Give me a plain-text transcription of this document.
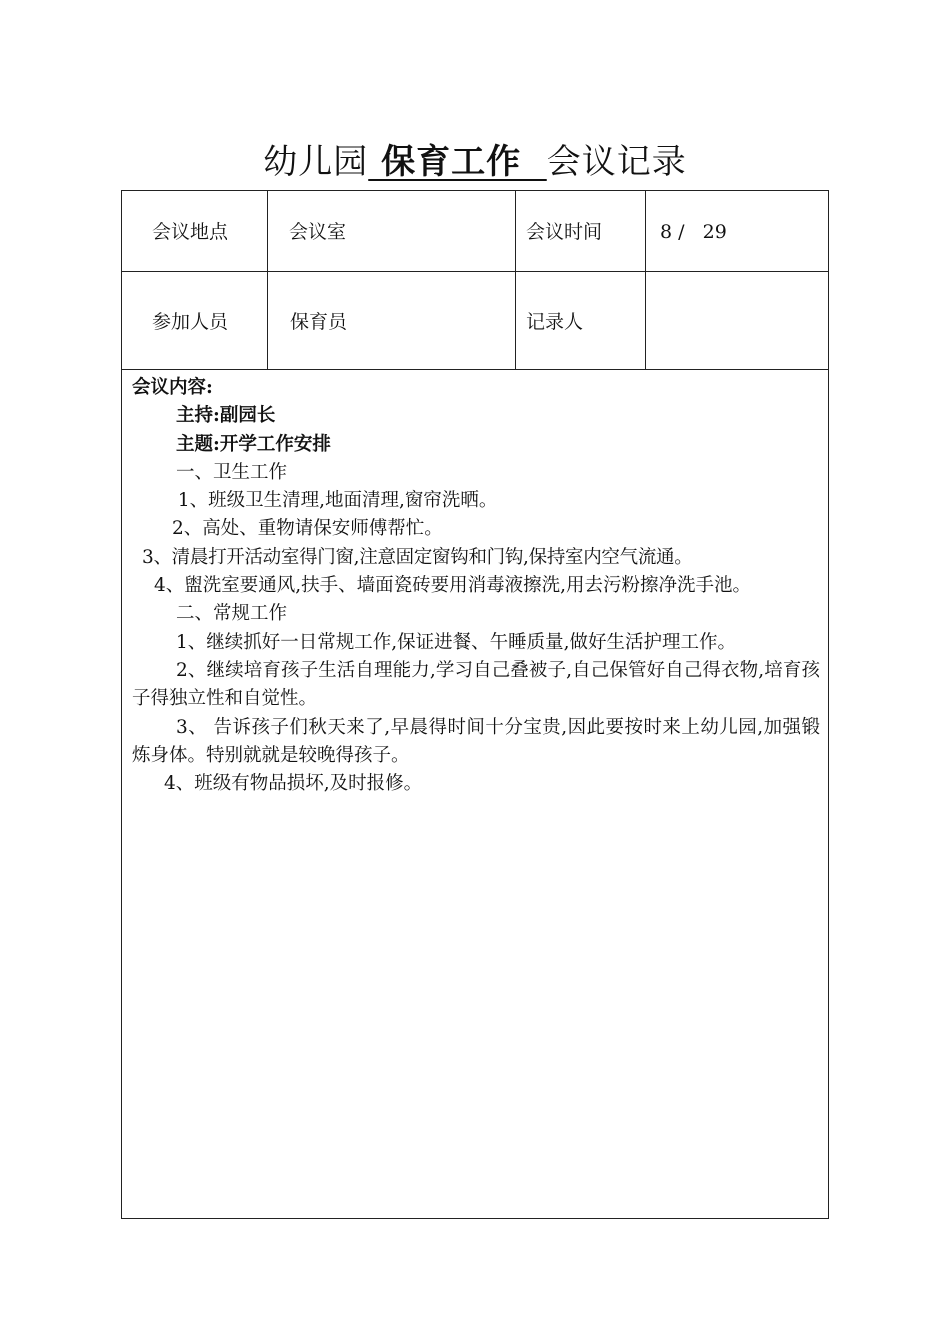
幼儿园 保育工作  会议记录
会议地点	会议室	会议时间	8 /   29
参加人员	保育员	记录人

会议内容:

主持:副园长

主题:开学工作安排

一、卫生工作

1、班级卫生清理,地面清理,窗帘洗晒。

2、高处、重物请保安师傅帮忙。

3、清晨打开活动室得门窗,注意固定窗钩和门钩,保持室内空气流通。

4、盥洗室要通风,扶手、墙面瓷砖要用消毒液擦洗,用去污粉擦净洗手池。

二、常规工作

1、继续抓好一日常规工作,保证进餐、午睡质量,做好生活护理工作。

2、继续培育孩子生活自理能力,学习自己叠被子,自己保管好自己得衣物,培育孩子得独立性和自觉性。

3、 告诉孩子们秋天来了,早晨得时间十分宝贵,因此要按时来上幼儿园,加强锻炼身体。特别就就是较晚得孩子。

4、班级有物品损坏,及时报修。
